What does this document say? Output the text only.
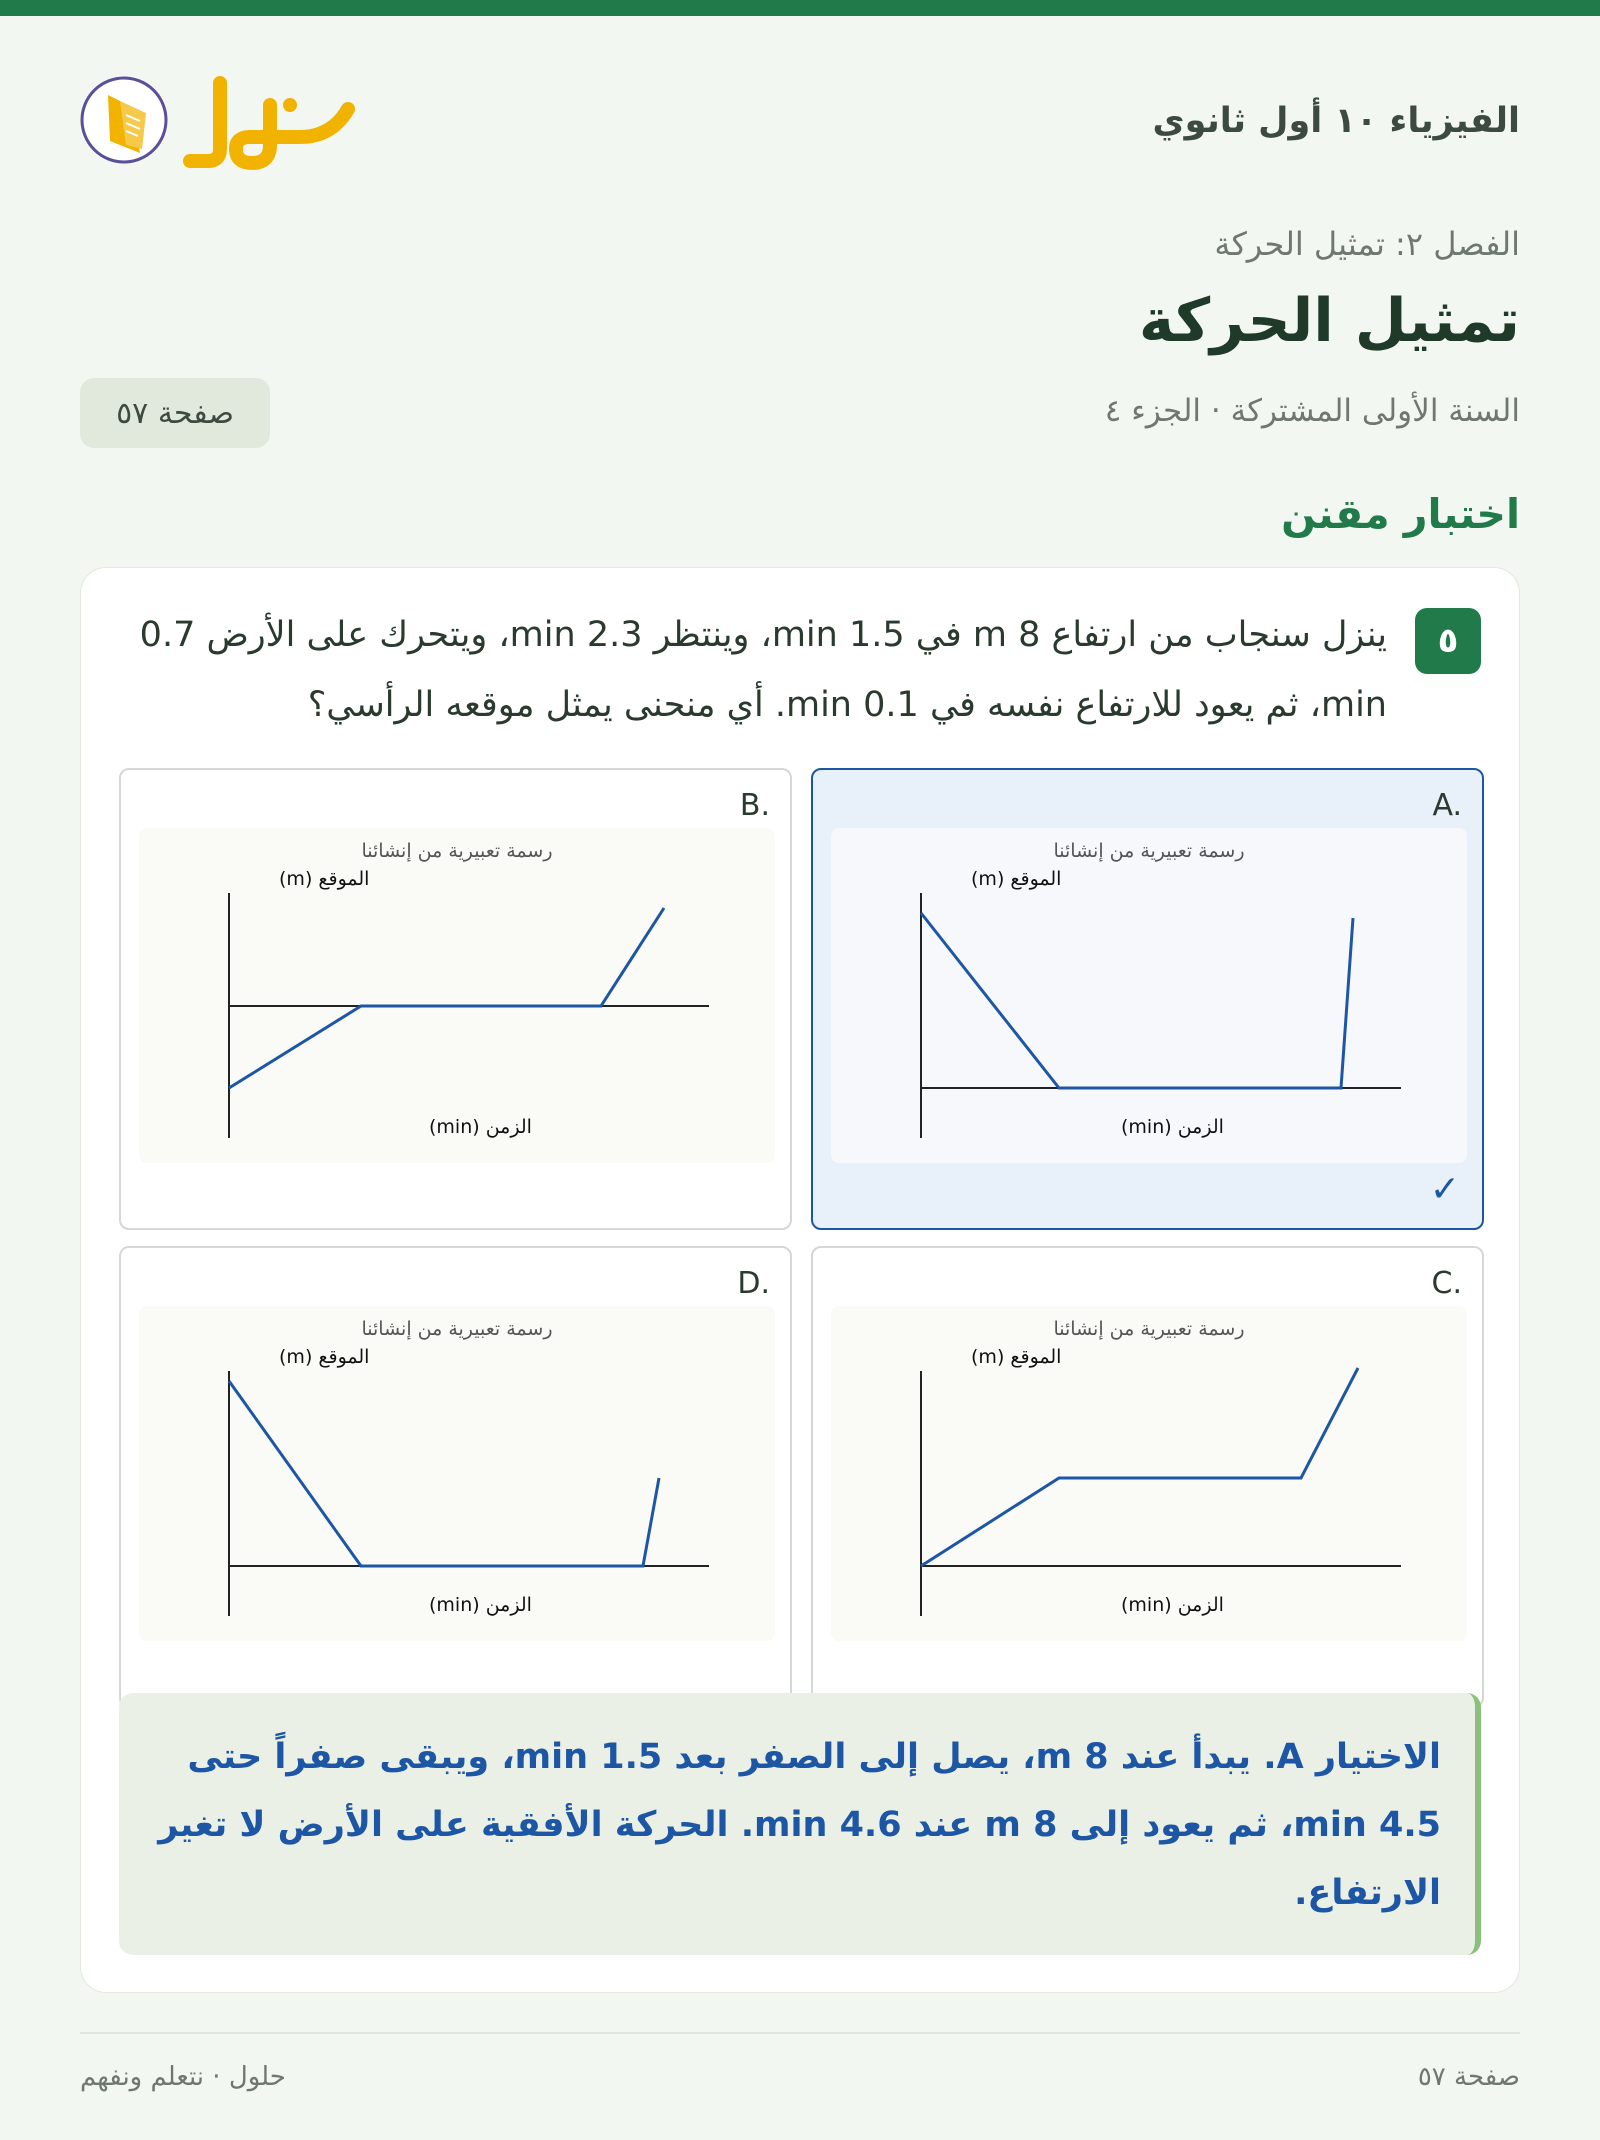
الفيزياء ١٠ أول ثانوي
الفصل ٢: تمثيل الحركة
تمثيل الحركة
السنة الأولى المشتركة ⋅ الجزء ٤
صفحة ٥٧
اختبار مقنن
٥
ينزل سنجاب من ارتفاع 8 m في 1.5 min، وينتظر 2.3 min، ويتحرك على الأرض 0.7 min، ثم يعود للارتفاع نفسه في 0.1 min. أي منحنى يمثل موقعه الرأسي؟
A.
رسمة تعبيرية من إنشائنا
الموقع (m)
الزمن (min)
✓
B.
رسمة تعبيرية من إنشائنا
الموقع (m)
الزمن (min)
C.
رسمة تعبيرية من إنشائنا
الموقع (m)
الزمن (min)
D.
رسمة تعبيرية من إنشائنا
الموقع (m)
الزمن (min)
الاختيار A. يبدأ عند 8 m، يصل إلى الصفر بعد 1.5 min، ويبقى صفراً حتى 4.5 min، ثم يعود إلى 8 m عند 4.6 min. الحركة الأفقية على الأرض لا تغير الارتفاع.
حلول ⋅ نتعلم ونفهم	صفحة ٥٧
